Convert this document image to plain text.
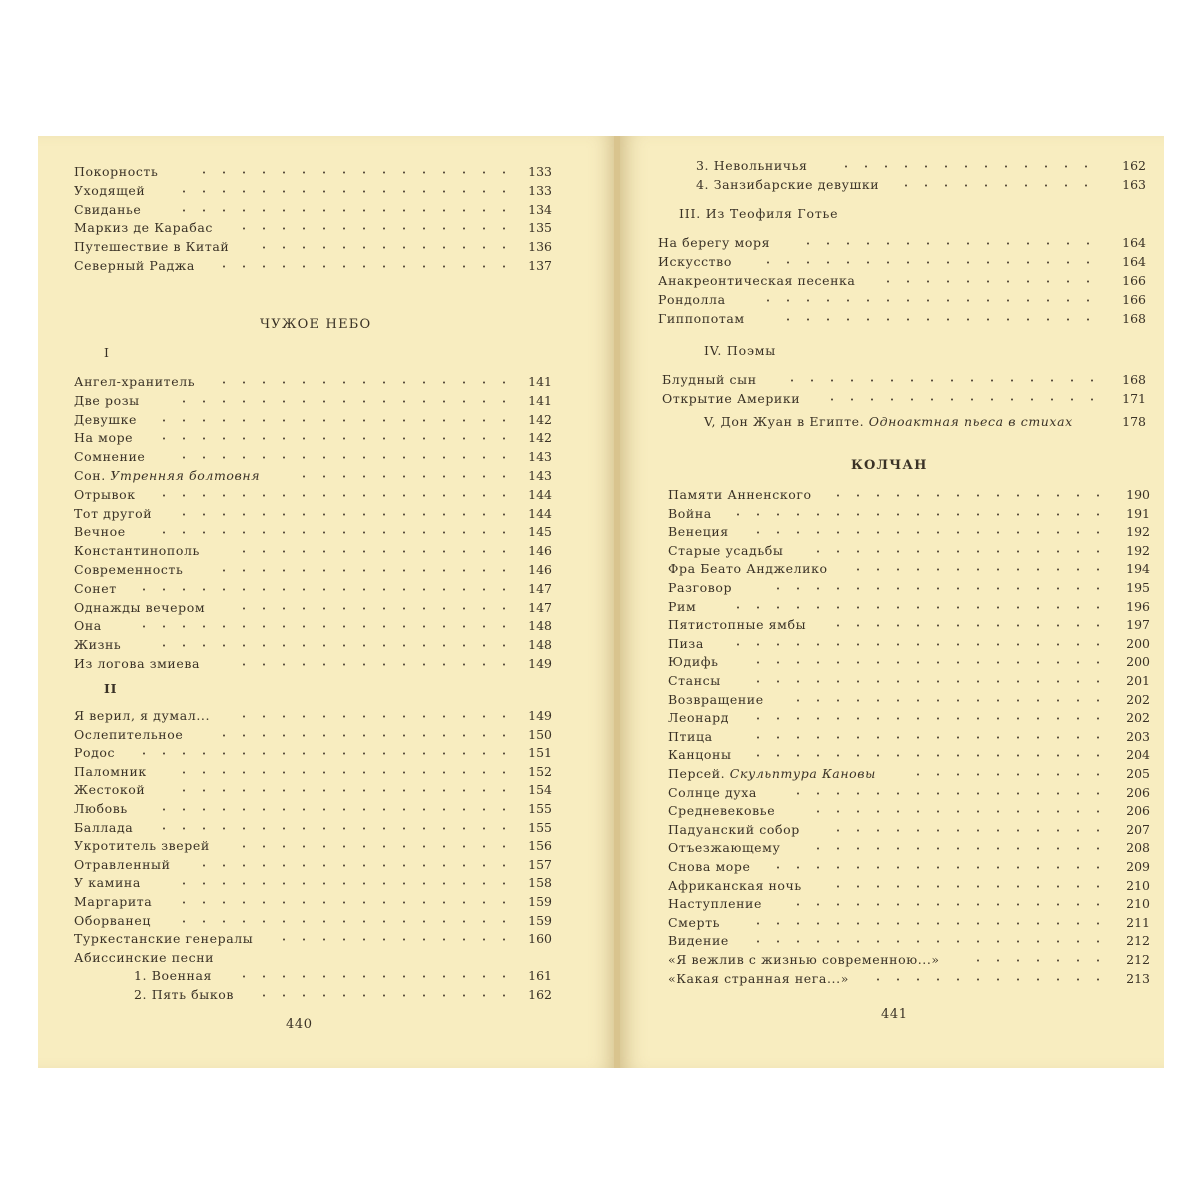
Покорность	133
Уходящей	133
Свиданье	134
Маркиз де Карабас	135
Путешествие в Китай	136
Северный Раджа	137
ЧУЖОЕ НЕБО
I
Ангел-хранитель	141
Две розы	141
Девушке	142
На море	142
Сомнение	143
Сон. Утренняя болтовня	143
Отрывок	144
Тот другой	144
Вечное	145
Константинополь	146
Современность	146
Сонет	147
Однажды вечером	147
Она	148
Жизнь	148
Из логова змиева	149
II
Я верил, я думал...	149
Ослепительное	150
Родос	151
Паломник	152
Жестокой	154
Любовь	155
Баллада	155
Укротитель зверей	156
Отравленный	157
У камина	158
Маргарита	159
Оборванец	159
Туркестанские генералы	160
Абиссинские песни
1. Военная	161
2. Пять быков	162
440
3. Невольничья	162
4. Занзибарские девушки	163
III. Из Теофиля Готье
На берегу моря	164
Искусство	164
Анакреонтическая песенка	166
Рондолла	166
Гиппопотам	168
IV. Поэмы
Блудный сын	168
Открытие Америки	171
V, Дон Жуан в Египте. Одноактная пьеса в стихах	178
КОЛЧАН
Памяти Анненского	190
Война	191
Венеция	192
Старые усадьбы	192
Фра Беато Анджелико	194
Разговор	195
Рим	196
Пятистопные ямбы	197
Пиза	200
Юдифь	200
Стансы	201
Возвращение	202
Леонард	202
Птица	203
Канцоны	204
Персей. Скульптура Кановы	205
Солнце духа	206
Средневековье	206
Падуанский собор	207
Отъезжающему	208
Снова море	209
Африканская ночь	210
Наступление	210
Смерть	211
Видение	212
«Я вежлив с жизнью современною...»	212
«Какая странная нега...»	213
441
